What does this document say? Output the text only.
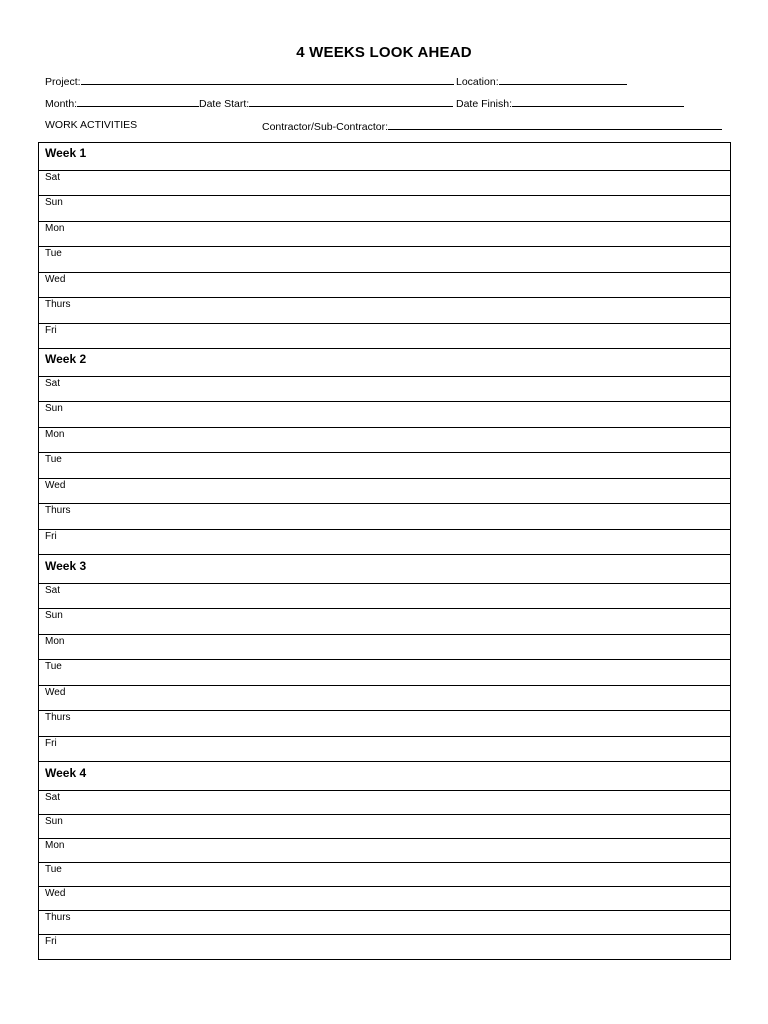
4 WEEKS LOOK AHEAD
Project:	Location:
Month:	Date Start:	Date Finish:
WORK ACTIVITIES	Contractor/Sub-Contractor:
Week 1
Sat
Sun
Mon
Tue
Wed
Thurs
Fri
Week 2
Sat
Sun
Mon
Tue
Wed
Thurs
Fri
Week 3
Sat
Sun
Mon
Tue
Wed
Thurs
Fri
Week 4
Sat
Sun
Mon
Tue
Wed
Thurs
Fri
